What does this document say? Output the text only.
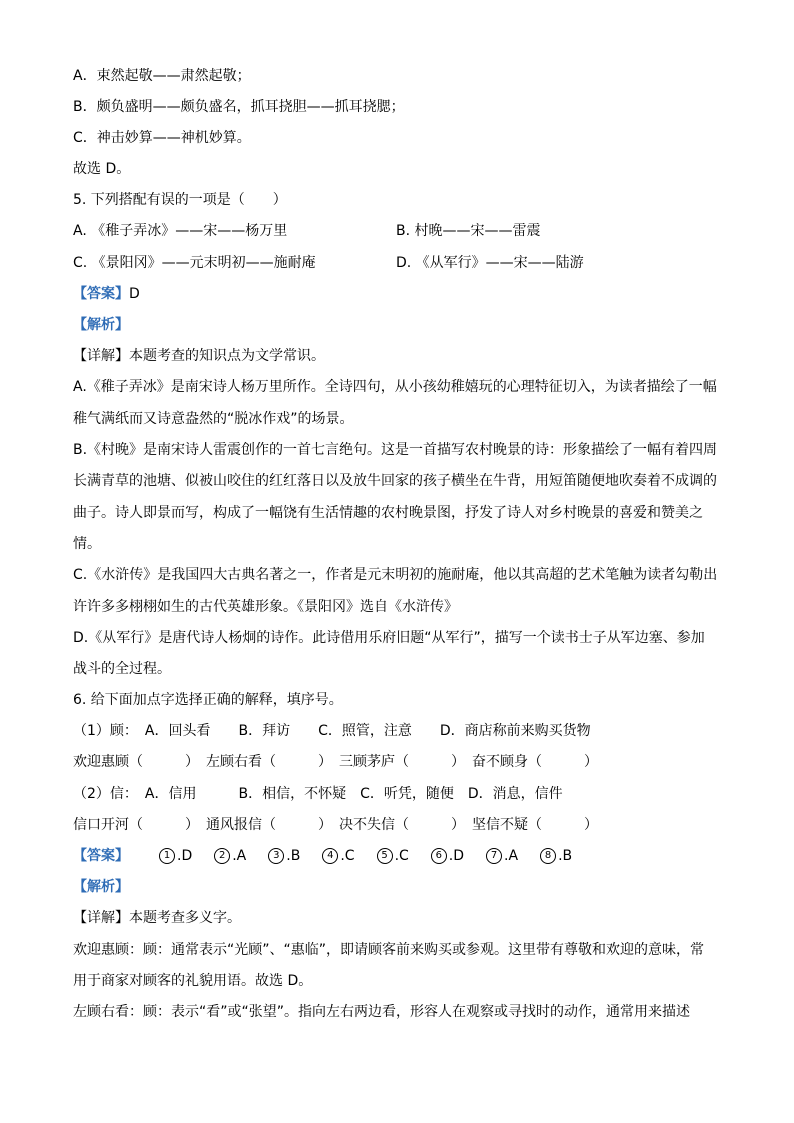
A．束然起敬——肃然起敬；
B．颇负盛明——颇负盛名，抓耳挠胆——抓耳挠腮；
C．神击妙算——神机妙算。
故选 D。
5. 下列搭配有误的一项是（　　）
A. 《稚子弄冰》——宋——杨万里	B. 村晚——宋——雷震
C. 《景阳冈》——元末明初——施耐庵	D. 《从军行》——宋——陆游
【答案】D
【解析】
【详解】本题考查的知识点为文学常识。
A.《稚子弄冰》是南宋诗人杨万里所作。全诗四句，从小孩幼稚嬉玩的心理特征切入，为读者描绘了一幅
稚气满纸而又诗意盎然的“脱冰作戏”的场景。
B.《村晚》是南宋诗人雷震创作的一首七言绝句。这是一首描写农村晚景的诗：形象描绘了一幅有着四周
长满青草的池塘、似被山咬住的红红落日以及放牛回家的孩子横坐在牛背，用短笛随便地吹奏着不成调的
曲子。诗人即景而写，构成了一幅饶有生活情趣的农村晚景图，抒发了诗人对乡村晚景的喜爱和赞美之
情。
C.《水浒传》是我国四大古典名著之一，作者是元末明初的施耐庵，他以其高超的艺术笔触为读者勾勒出
许许多多栩栩如生的古代英雄形象。《景阳冈》选自《水浒传》
D.《从军行》是唐代诗人杨炯的诗作。此诗借用乐府旧题“从军行”，描写一个读书士子从军边塞、参加
战斗的全过程。
6. 给下面加点字选择正确的解释，填序号。
（1）顾：　A．回头看　　B．拜访　　C．照管，注意　　D．商店称前来购买货物
欢迎惠顾（　　　）　左顾右看（　　　）　三顾茅庐（　　　）　奋不顾身（　　　）
（2）信：　A．信用　　　B．相信，不怀疑　C．听凭，随便　D．消息，信件
信口开河（　　　）　通风报信（　　　）　决不失信（　　　）　坚信不疑（　　　）
【答案】	1 .D	2 .A	3 .B	4 .C	5 .C	6 .D	7 .A	8 .B
【解析】
【详解】本题考查多义字。
欢迎惠顾：顾：通常表示“光顾”、“惠临”，即请顾客前来购买或参观。这里带有尊敬和欢迎的意味，常
用于商家对顾客的礼貌用语。故选 D。
左顾右看：顾：表示“看”或“张望”。指向左右两边看，形容人在观察或寻找时的动作，通常用来描述
